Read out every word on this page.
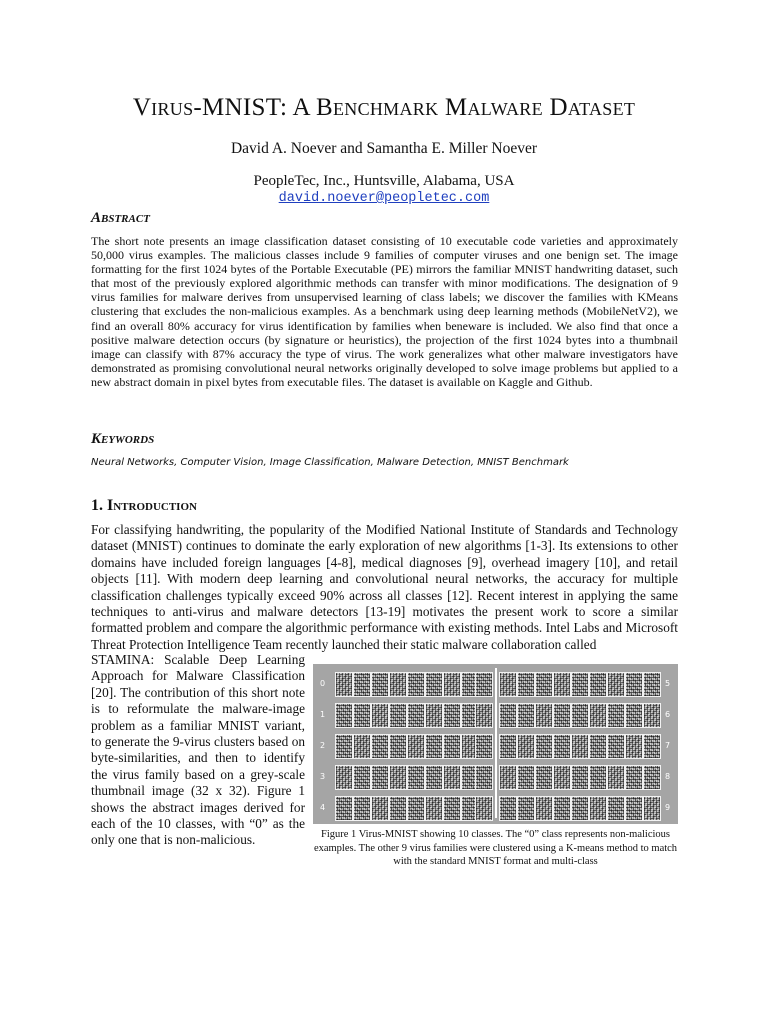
Virus-MNIST: A Benchmark Malware Dataset
David A. Noever and Samantha E. Miller Noever
PeopleTec, Inc., Huntsville, Alabama, USA
david.noever@peopletec.com
Abstract
The short note presents an image classification dataset consisting of 10 executable code varieties and approximately 50,000 virus examples. The malicious classes include 9 families of computer viruses and one benign set. The image formatting for the first 1024 bytes of the Portable Executable (PE) mirrors the familiar MNIST handwriting dataset, such that most of the previously explored algorithmic methods can transfer with minor modifications. The designation of 9 virus families for malware derives from unsupervised learning of class labels; we discover the families with KMeans clustering that excludes the non-malicious examples. As a benchmark using deep learning methods (MobileNetV2), we find an overall 80% accuracy for virus identification by families when beneware is included. We also find that once a positive malware detection occurs (by signature or heuristics), the projection of the first 1024 bytes into a thumbnail image can classify with 87% accuracy the type of virus. The work generalizes what other malware investigators have demonstrated as promising convolutional neural networks originally developed to solve image problems but applied to a new abstract domain in pixel bytes from executable files. The dataset is available on Kaggle and Github.
Keywords
Neural Networks, Computer Vision, Image Classification, Malware Detection, MNIST Benchmark
1. Introduction
For classifying handwriting, the popularity of the Modified National Institute of Standards and Technology dataset (MNIST) continues to dominate the early exploration of new algorithms [1-3]. Its extensions to other domains have included foreign languages [4-8], medical diagnoses [9], overhead imagery [10], and retail objects [11]. With modern deep learning and convolutional neural networks, the accuracy for multiple classification challenges typically exceed 90% across all classes [12]. Recent interest in applying the same techniques to anti-virus and malware detectors [13-19] motivates the present work to score a similar formatted problem and compare the algorithmic performance with existing methods. Intel Labs and Microsoft Threat Protection Intelligence Team recently launched their static malware collaboration called
STAMINA: Scalable Deep Learning Approach for Malware Classification [20]. The contribution of this short note is to reformulate the malware-image problem as a familiar MNIST variant, to generate the 9-virus clusters based on byte-similarities, and then to identify the virus family based on a grey-scale thumbnail image (32 x 32). Figure 1 shows the abstract images derived for each of the 10 classes, with “0” as the only one that is non-malicious.
0
1
2
3
4
5
6
7
8
9
Figure 1 Virus-MNIST showing 10 classes. The “0” class represents non-malicious examples. The other 9 virus families were clustered using a K-means method to match with the standard MNIST format and multi-class
